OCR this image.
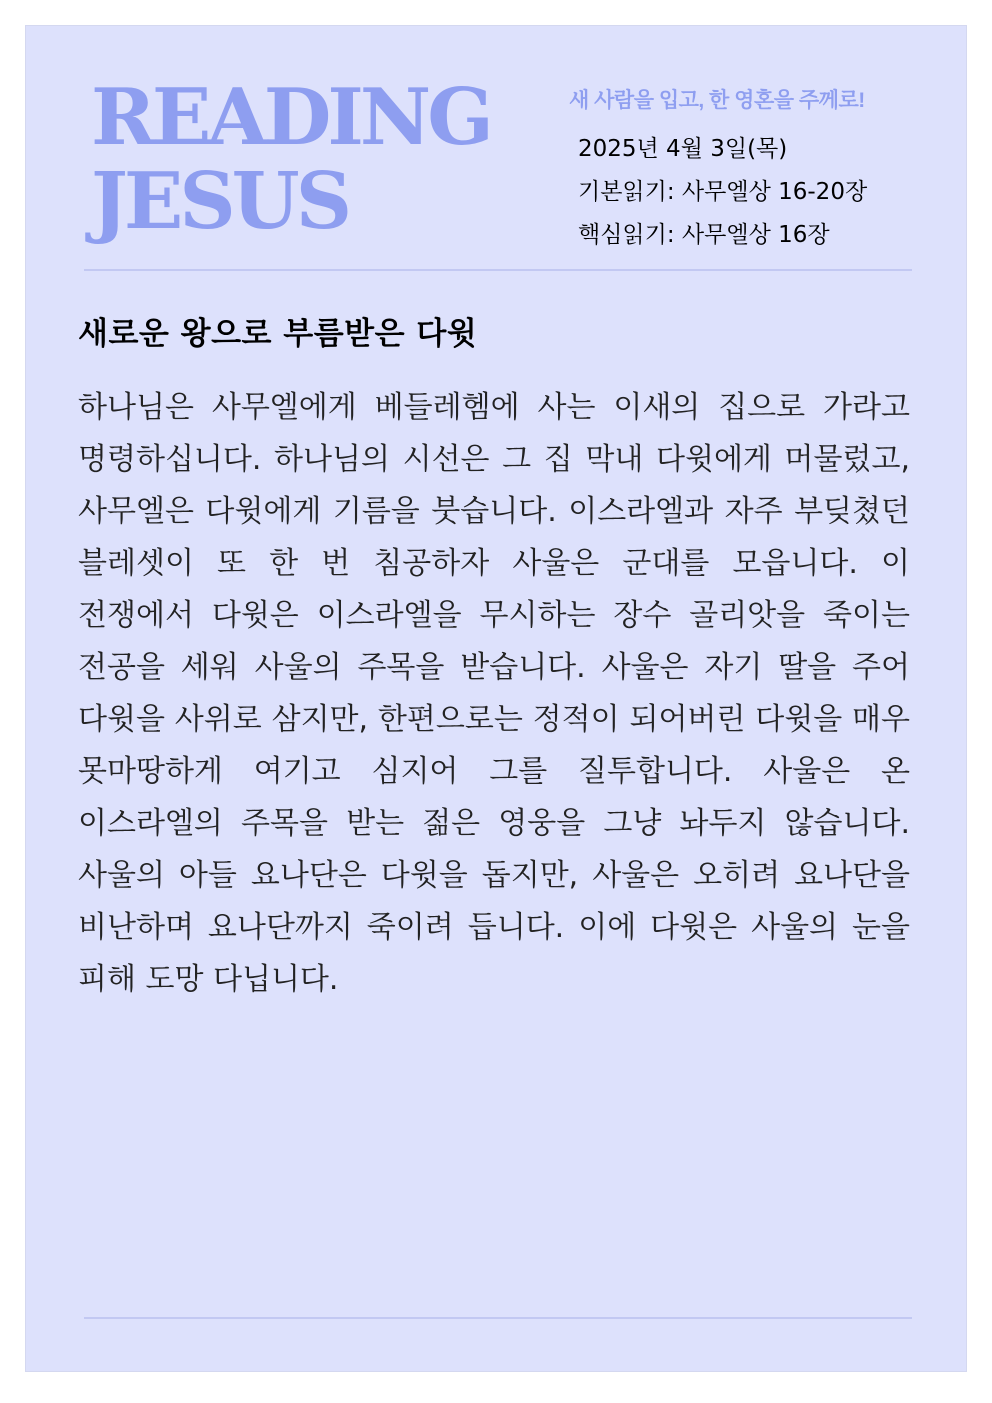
READING
JESUS
새 사람을 입고, 한 영혼을 주께로!
2025년 4월 3일(목)
기본읽기: 사무엘상 16-20장
핵심읽기: 사무엘상 16장
새로운 왕으로 부름받은 다윗

하나님은 사무엘에게 베들레헴에 사는 이새의 집으로 가라고 명령하십니다. 하나님의 시선은 그 집 막내 다윗에게 머물렀고, 사무엘은 다윗에게 기름을 붓습니다. 이스라엘과 자주 부딪쳤던 블레셋이 또 한 번 침공하자 사울은 군대를 모읍니다. 이 전쟁에서 다윗은 이스라엘을 무시하는 장수 골리앗을 죽이는 전공을 세워 사울의 주목을 받습니다. 사울은 자기 딸을 주어 다윗을 사위로 삼지만, 한편으로는 정적이 되어버린 다윗을 매우 못마땅하게 여기고 심지어 그를 질투합니다. 사울은 온 이스라엘의 주목을 받는 젊은 영웅을 그냥 놔두지 않습니다. 사울의 아들 요나단은 다윗을 돕지만, 사울은 오히려 요나단을 비난하며 요나단까지 죽이려 듭니다. 이에 다윗은 사울의 눈을 피해 도망 다닙니다.
